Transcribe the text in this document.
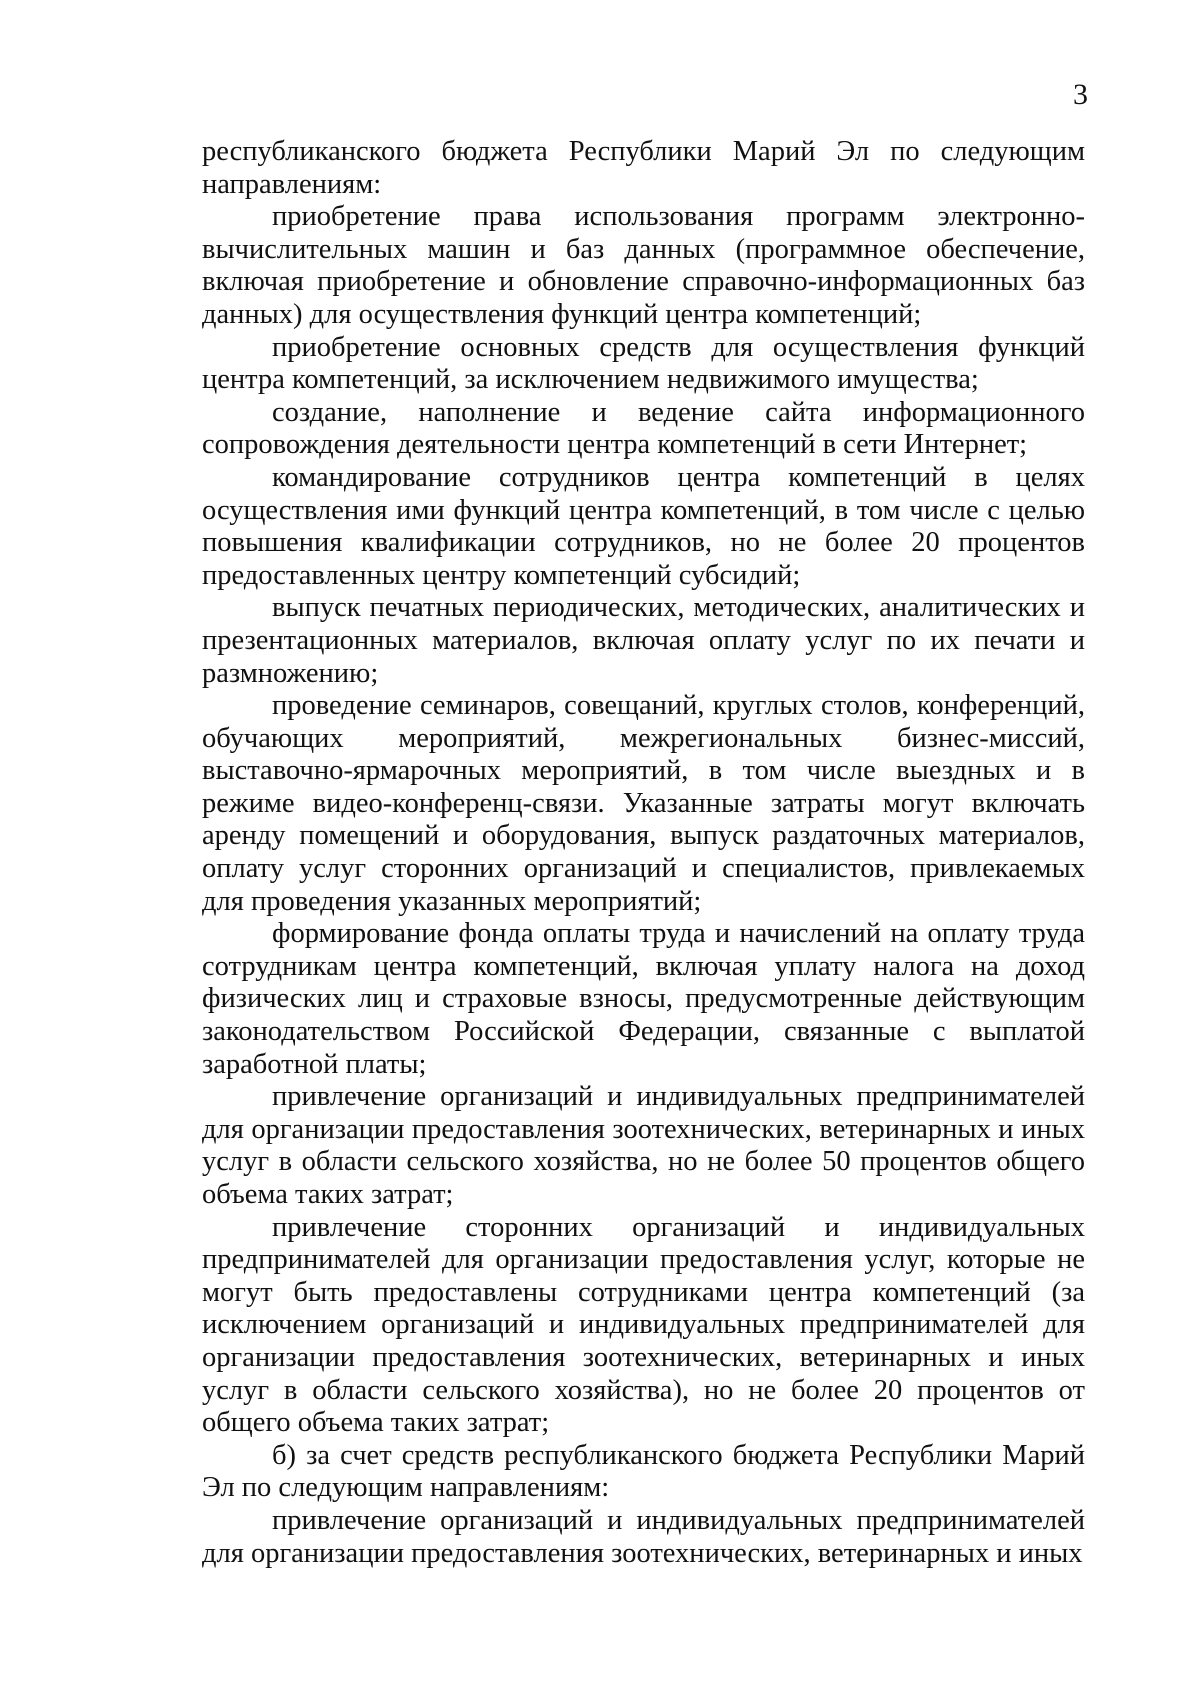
3

республиканского бюджета Республики Марий Эл по следующим направлениям:

приобретение права использования программ электронно-вычислительных машин и баз данных (программное обеспечение, включая приобретение и обновление справочно-информационных баз данных) для осуществления функций центра компетенций;

приобретение основных средств для осуществления функций центра компетенций, за исключением недвижимого имущества;

создание, наполнение и ведение сайта информационного сопровождения деятельности центра компетенций в сети Интернет;

командирование сотрудников центра компетенций в целях осуществления ими функций центра компетенций, в том числе с целью повышения квалификации сотрудников, но не более 20 процентов предоставленных центру компетенций субсидий;

выпуск печатных периодических, методических, аналитических и презентационных материалов, включая оплату услуг по их печати и размножению;

проведение семинаров, совещаний, круглых столов, конференций, обучающих мероприятий, межрегиональных бизнес-миссий, выставочно-ярмарочных мероприятий, в том числе выездных и в режиме видео-конференц-связи. Указанные затраты могут включать аренду помещений и оборудования, выпуск раздаточных материалов, оплату услуг сторонних организаций и специалистов, привлекаемых для проведения указанных мероприятий;

формирование фонда оплаты труда и начислений на оплату труда сотрудникам центра компетенций, включая уплату налога на доход физических лиц и страховые взносы, предусмотренные действующим законодательством Российской Федерации, связанные с выплатой заработной платы;

привлечение организаций и индивидуальных предпринимателей для организации предоставления зоотехнических, ветеринарных и иных услуг в области сельского хозяйства, но не более 50 процентов общего объема таких затрат;

привлечение сторонних организаций и индивидуальных предпринимателей для организации предоставления услуг, которые не могут быть предоставлены сотрудниками центра компетенций (за исключением организаций и индивидуальных предпринимателей для организации предоставления зоотехнических, ветеринарных и иных услуг в области сельского хозяйства), но не более 20 процентов от общего объема таких затрат;

б) за счет средств республиканского бюджета Республики Марий Эл по следующим направлениям:

привлечение организаций и индивидуальных предпринимателей для организации предоставления зоотехнических, ветеринарных и иных
